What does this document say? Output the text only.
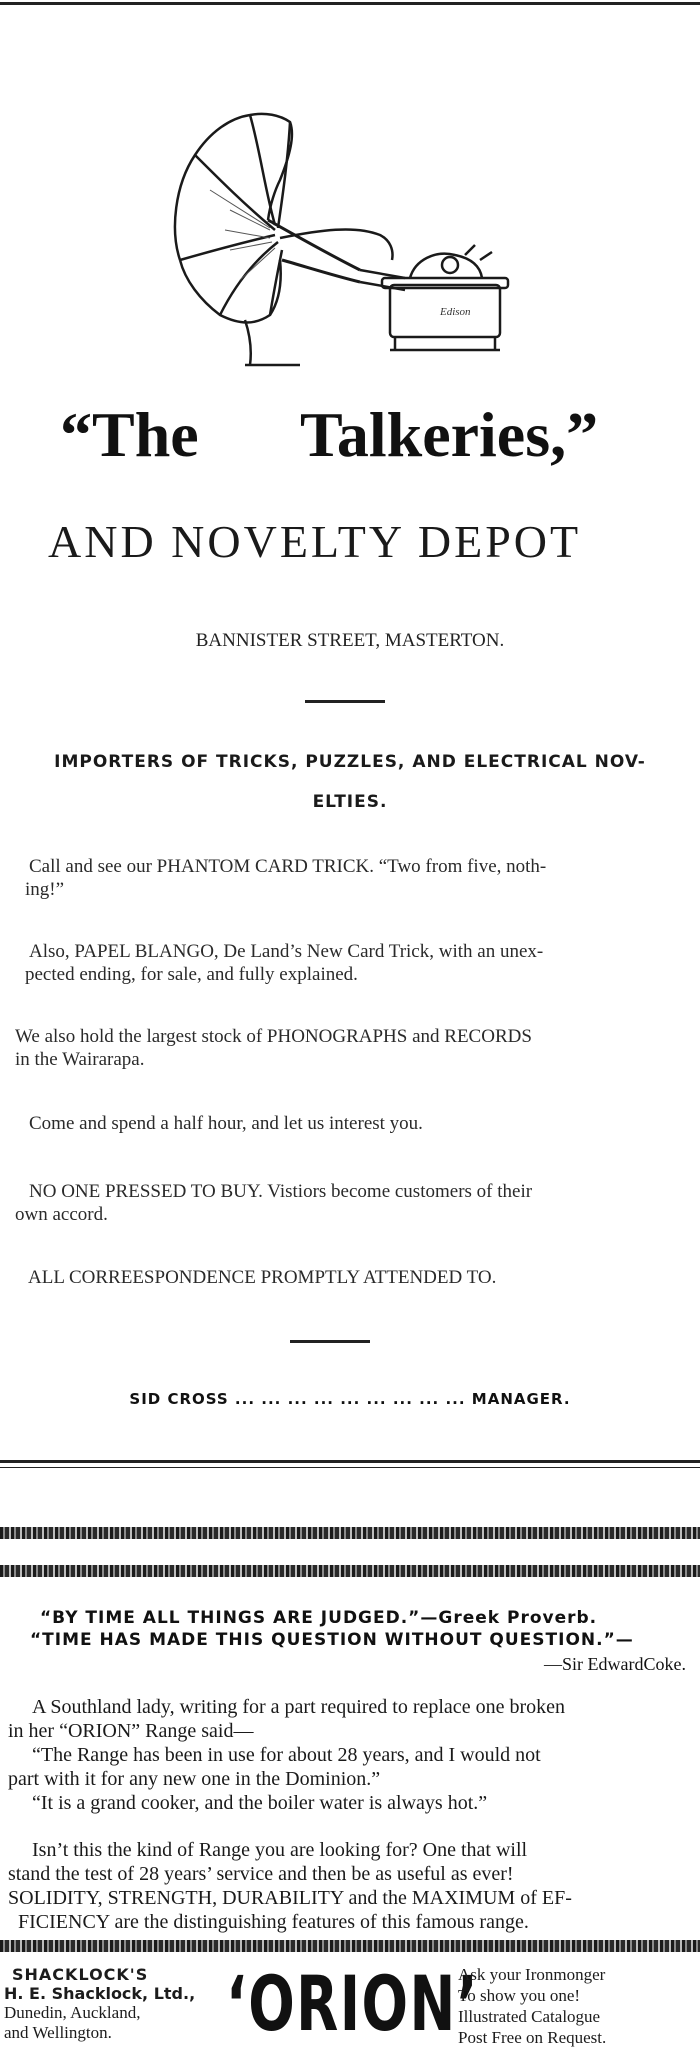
Edison
“The Talkeries,”
AND NOVELTY DEPOT
BANNISTER STREET, MASTERTON.
IMPORTERS OF TRICKS, PUZZLES, AND ELECTRICAL NOV-
ELTIES.
Call and see our PHANTOM CARD TRICK. “Two from five, noth-
ing!”
Also, PAPEL BLANGO, De Land’s New Card Trick, with an unex-
pected ending, for sale, and fully explained.
We also hold the largest stock of PHONOGRAPHS and RECORDS
in the Wairarapa.
Come and spend a half hour, and let us interest you.
NO ONE PRESSED TO BUY. Vistiors become customers of their
own accord.
ALL CORREESPONDENCE PROMPTLY ATTENDED TO.
SID CROSS ... ... ... ... ... ... ... ... ... MANAGER.
“BY TIME ALL THINGS ARE JUDGED.”—Greek Proverb.
“TIME HAS MADE THIS QUESTION WITHOUT QUESTION.”—
—Sir EdwardCoke.
A Southland lady, writing for a part required to replace one broken
in her “ORION” Range said—
“The Range has been in use for about 28 years, and I would not
part with it for any new one in the Dominion.”
“It is a grand cooker, and the boiler water is always hot.”
Isn’t this the kind of Range you are looking for? One that will
stand the test of 28 years’ service and then be as useful as ever!
SOLIDITY, STRENGTH, DURABILITY and the MAXIMUM of EF-
FICIENCY are the distinguishing features of this famous range.
SHACKLOCK'S
H. E. Shacklock, Ltd.,
Dunedin, Auckland,
and Wellington.	‘ORION’
Ask your Ironmonger
To show you one!
Illustrated Catalogue
Post Free on Request.
